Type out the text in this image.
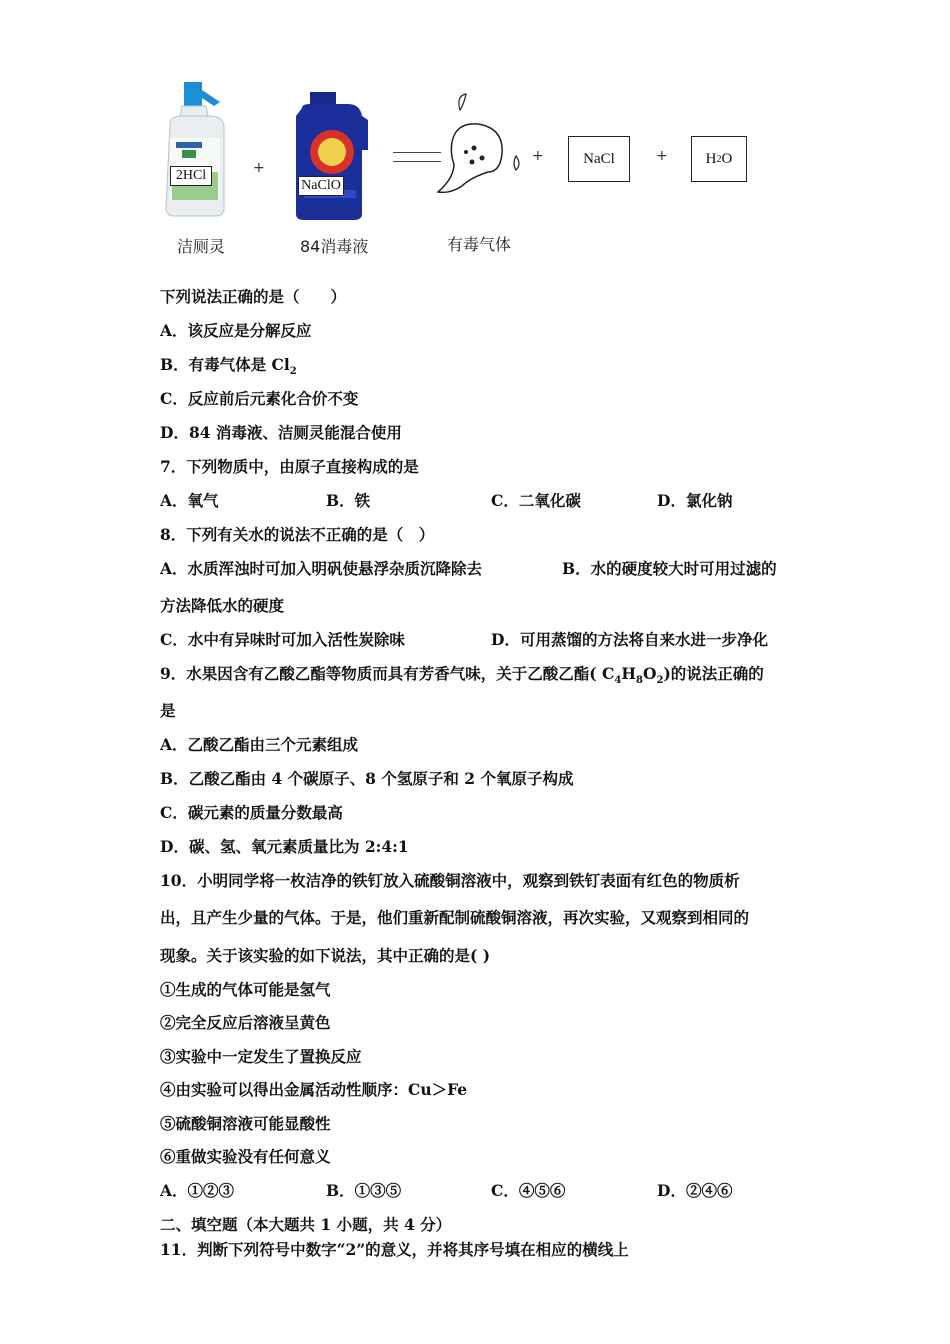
2HCl
洁厕灵
+
NaClO
84消毒液	有毒气体
+	NaCl	+	H 2 O
下列说法正确的是（　　）
A．该反应是分解反应
B．有毒气体是 $Cl_2$
C．反应前后元素化合价不变
D．84 消毒液、洁厕灵能混合使用
7．下列物质中，由原子直接构成的是
A．氧气	B．铁	C．二氧化碳	D．氯化钠
8．下列有关水的说法不正确的是（　）
A．水质浑浊时可加入明矾使悬浮杂质沉降除去	B．水的硬度较大时可用过滤的
方法降低水的硬度
C．水中有异味时可加入活性炭除味	D．可用蒸馏的方法将自来水进一步净化
9．水果因含有乙酸乙酯等物质而具有芳香气味，关于乙酸乙酯( $C_4H_8O_2$)的说法正确的
是
A．乙酸乙酯由三个元素组成
B．乙酸乙酯由 4 个碳原子、8 个氢原子和 2 个氧原子构成
C．碳元素的质量分数最高
D．碳、氢、氧元素质量比为 2:4:1
10．小明同学将一枚洁净的铁钉放入硫酸铜溶液中，观察到铁钉表面有红色的物质析
出，且产生少量的气体。于是，他们重新配制硫酸铜溶液，再次实验，又观察到相同的
现象。关于该实验的如下说法，其中正确的是( )
①生成的气体可能是氢气
②完全反应后溶液呈黄色
③实验中一定发生了置换反应
④由实验可以得出金属活动性顺序：Cu＞Fe
⑤硫酸铜溶液可能显酸性
⑥重做实验没有任何意义
A．①②③	B．①③⑤	C．④⑤⑥	D．②④⑥
二、填空题（本大题共 1 小题，共 4 分）
11．判断下列符号中数字“2”的意义，并将其序号填在相应的横线上
